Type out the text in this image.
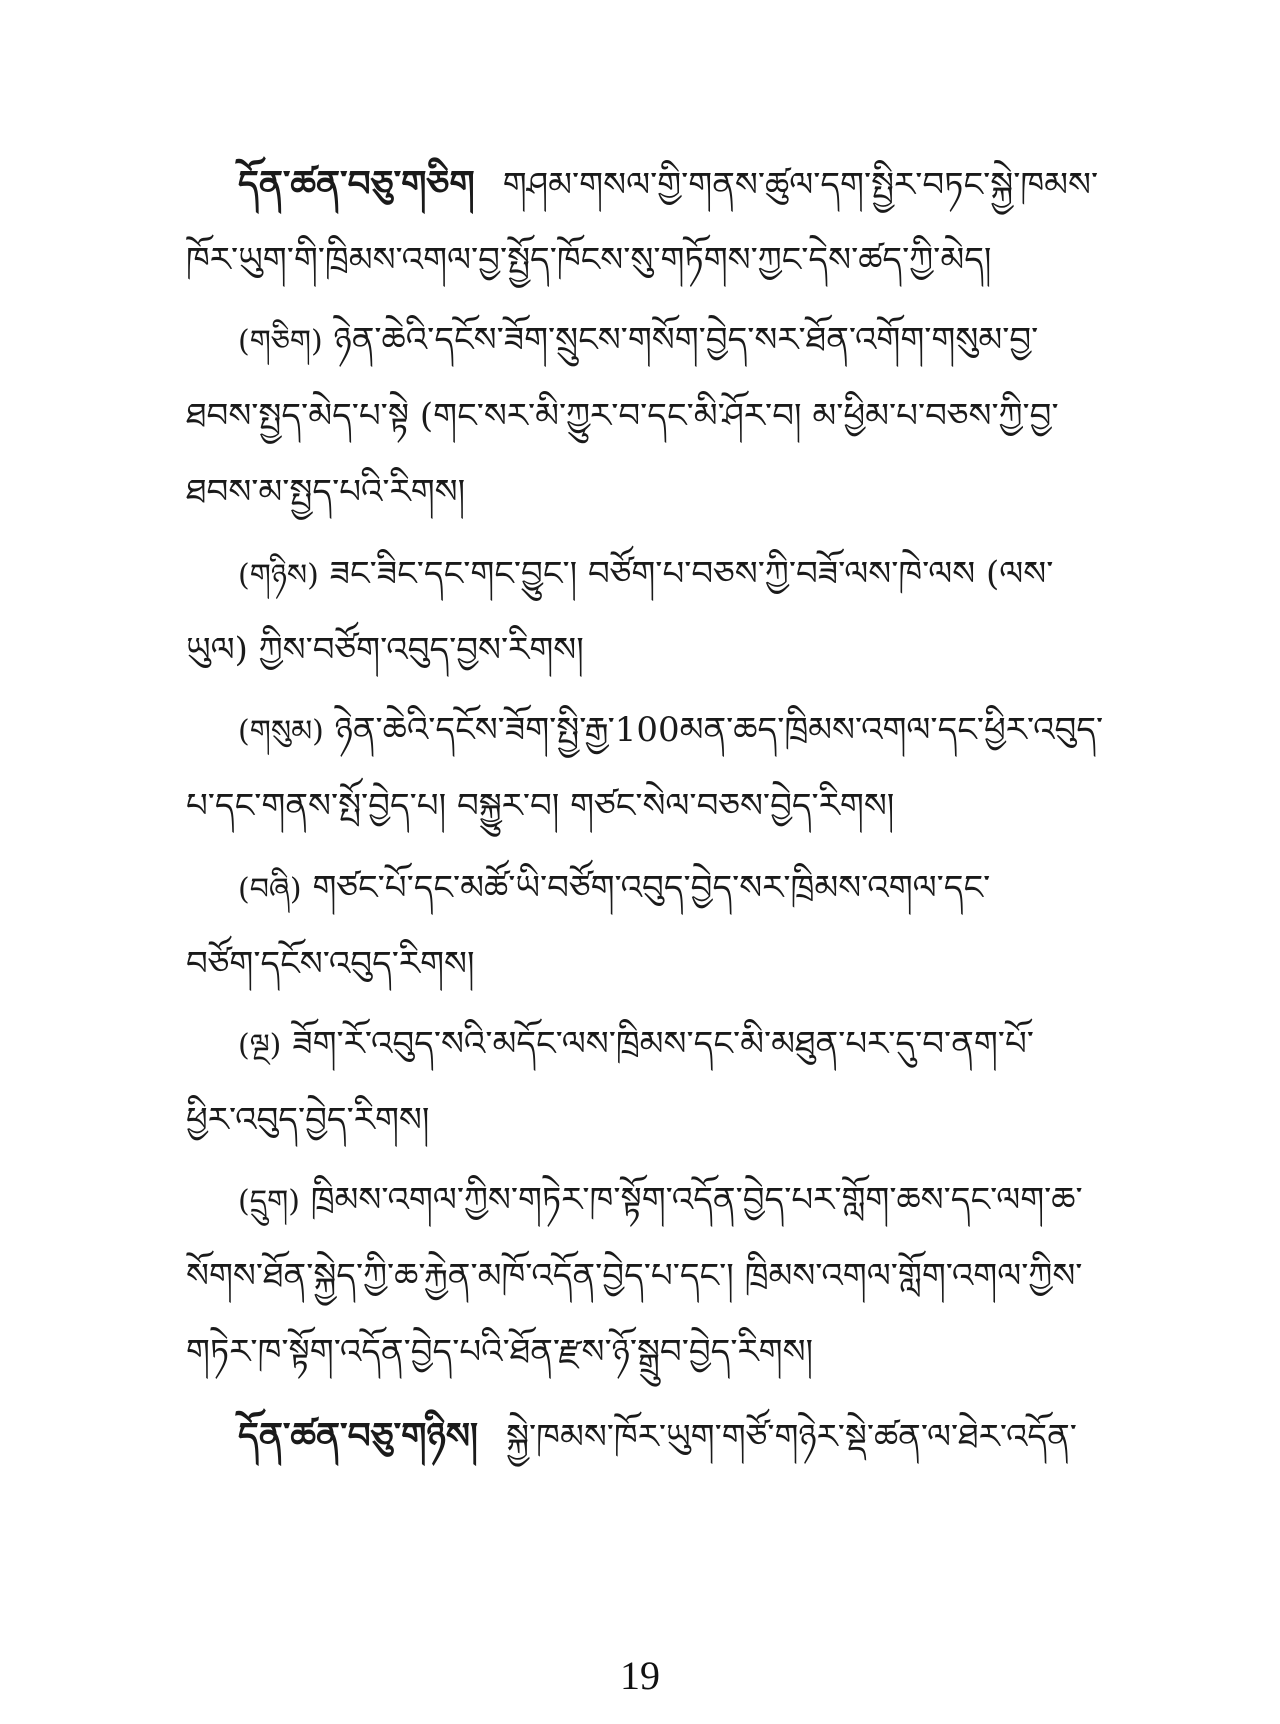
དོན་ཚན་བཅུ་གཅིག གཤམ་གསལ་གྱི་གནས་ཚུལ་དག་སྤྱིར་བཏང་སྐྱེ་ཁམས་
ཁོར་ཡུག་གི་ཁྲིམས་འགལ་བྱ་སྤྱོད་ཁོངས་སུ་གཏོགས་ཀྱང་དེས་ཚད་ཀྱི་མེད།
(གཅིག) ཉེན་ཆེའི་དངོས་ཟོག་སྲུངས་གསོག་བྱེད་སར་ཐོན་འགོག་གསུམ་བྱ་
ཐབས་སྤྱད་མེད་པ་སྟེ (གང་སར་མི་ཀྱུར་བ་དང་མི་ཤོར་བ། མ་ཕྱིམ་པ་བཅས་ཀྱི་བྱ་
ཐབས་མ་སྤྱད་པའི་རིགས།
(གཉིས) ཟང་ཟིང་དང་གང་བྱུང་། བཙོག་པ་བཅས་ཀྱི་བཟོ་ལས་ཁེ་ལས (ལས་
ཡུལ) ཀྱིས་བཙོག་འབུད་བྱས་རིགས།
(གསུམ) ཉེན་ཆེའི་དངོས་ཟོག་སྤྱི་རྒྱ་100མན་ཆད་ཁྲིམས་འགལ་དང་ཕྱིར་འབུད་
པ་དང་གནས་སྤོ་བྱེད་པ། བསྐྱུར་བ། གཙང་སེལ་བཅས་བྱེད་རིགས།
(བཞི) གཙང་པོ་དང་མཚོ་ཡི་བཙོག་འབུད་བྱེད་སར་ཁྲིམས་འགལ་དང་
བཙོག་དངོས་འབུད་རིགས།
(ལྔ) ཟོག་རོ་འབུད་སའི་མདོང་ལས་ཁྲིམས་དང་མི་མཐུན་པར་དུ་བ་ནག་པོ་
ཕྱིར་འབུད་བྱེད་རིགས།
(དྲུག) ཁྲིམས་འགལ་ཀྱིས་གཏེར་ཁ་སྟོག་འདོན་བྱེད་པར་གློག་ཆས་དང་ལག་ཆ་
སོགས་ཐོན་སྐྱེད་ཀྱི་ཆ་རྐྱེན་མཁོ་འདོན་བྱེད་པ་དང་། ཁྲིམས་འགལ་གློག་འགལ་ཀྱིས་
གཏེར་ཁ་སྟོག་འདོན་བྱེད་པའི་ཐོན་རྫས་ཉོ་སྒྲུབ་བྱེད་རིགས།
དོན་ཚན་བཅུ་གཉིས། སྐྱེ་ཁམས་ཁོར་ཡུག་གཙོ་གཉེར་སྡེ་ཚན་ལ་ཐེར་འདོན་
19
